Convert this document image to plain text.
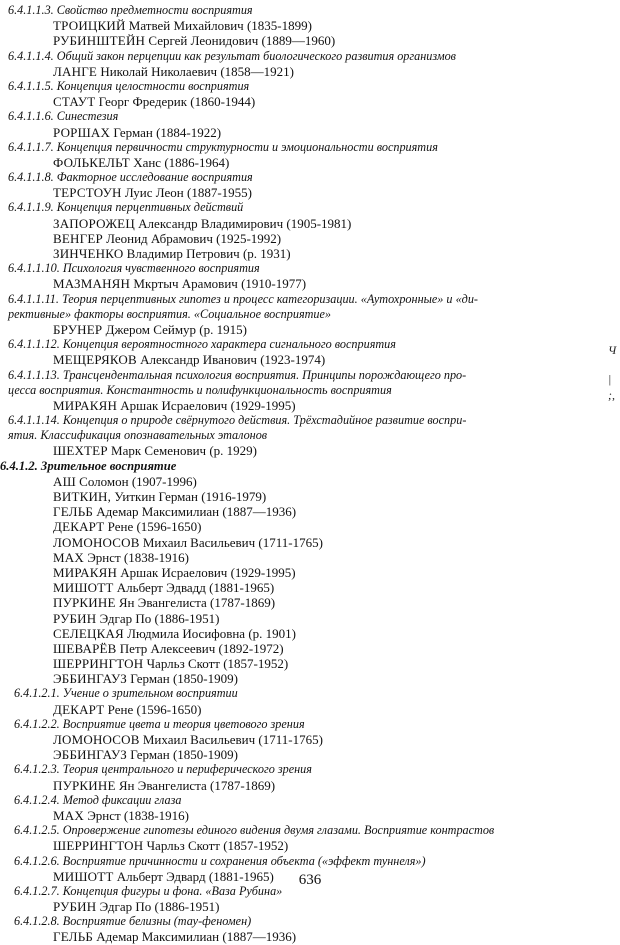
6.4.1.1.3. Свойство предметности восприятия
ТРОИЦКИЙ Матвей Михайлович (1835-1899)
РУБИНШТЕЙН Сергей Леонидович (1889—1960)
6.4.1.1.4. Общий закон перцепции как результат биологического развития организмов
ЛАНГЕ Николай Николаевич (1858—1921)
6.4.1.1.5. Концепция целостности восприятия
СТАУТ Георг Фредерик (1860-1944)
6.4.1.1.6. Синестезия
РОРШАХ Герман (1884-1922)
6.4.1.1.7. Концепция первичности структурности и эмоциональности восприятия
ФОЛЬКЕЛЬТ Ханс (1886-1964)
6.4.1.1.8. Факторное исследование восприятия
ТЕРСТОУН Луис Леон (1887-1955)
6.4.1.1.9. Концепция перцептивных действий
ЗАПОРОЖЕЦ Александр Владимирович (1905-1981)
ВЕНГЕР Леонид Абрамович (1925-1992)
ЗИНЧЕНКО Владимир Петрович (р. 1931)
6.4.1.1.10. Психология чувственного восприятия
МАЗМАНЯН Мкртыч Арамович (1910-1977)
6.4.1.1.11. Теория перцептивных гипотез и процесс категоризации. «Аутохронные» и «ди-
рективные» факторы восприятия. «Социальное восприятие»
БРУНЕР Джером Сеймур (р. 1915)
6.4.1.1.12. Концепция вероятностного характера сигнального восприятия
МЕЩЕРЯКОВ Александр Иванович (1923-1974)
6.4.1.1.13. Трансцендентальная психология восприятия. Принципы порождающего про-
цесса восприятия. Константность и полифункциональность восприятия
МИРАКЯН Аршак Исраелович (1929-1995)
6.4.1.1.14. Концепция о природе свёрнутого действия. Трёхстадийное развитие воспри-
ятия. Классификация опознавательных эталонов
ШЕХТЕР Марк Семенович (р. 1929)
6.4.1.2. Зрительное восприятие
АШ Соломон (1907-1996)
ВИТКИН, Уиткин Герман (1916-1979)
ГЕЛЬБ Адемар Максимилиан (1887—1936)
ДЕКАРТ Рене (1596-1650)
ЛОМОНОСОВ Михаил Васильевич (1711-1765)
МАХ Эрнст (1838-1916)
МИРАКЯН Аршак Исраелович (1929-1995)
МИШОТТ Альберт Эдвадд (1881-1965)
ПУРКИНЕ Ян Эвангелиста (1787-1869)
РУБИН Эдгар По (1886-1951)
СЕЛЕЦКАЯ Людмила Иосифовна (р. 1901)
ШЕВАРЁВ Петр Алексеевич (1892-1972)
ШЕРРИНГТОН Чарльз Скотт (1857-1952)
ЭББИНГАУЗ Герман (1850-1909)
6.4.1.2.1. Учение о зрительном восприятии
ДЕКАРТ Рене (1596-1650)
6.4.1.2.2. Восприятие цвета и теория цветового зрения
ЛОМОНОСОВ Михаил Васильевич (1711-1765)
ЭББИНГАУЗ Герман (1850-1909)
6.4.1.2.3. Теория центрального и периферического зрения
ПУРКИНЕ Ян Эвангелиста (1787-1869)
6.4.1.2.4. Метод фиксации глаза
МАХ Эрнст (1838-1916)
6.4.1.2.5. Опровержение гипотезы единого видения двумя глазами. Восприятие контрастов
ШЕРРИНГТОН Чарльз Скотт (1857-1952)
6.4.1.2.6. Восприятие причинности и сохранения объекта («эффект туннеля»)
МИШОТТ Альберт Эдвард (1881-1965)
6.4.1.2.7. Концепция фигуры и фона. «Ваза Рубина»
РУБИН Эдгар По (1886-1951)
6.4.1.2.8. Восприятие белизны (тау-феномен)
ГЕЛЬБ Адемар Максимилиан (1887—1936)
Ч
|
;,
636
